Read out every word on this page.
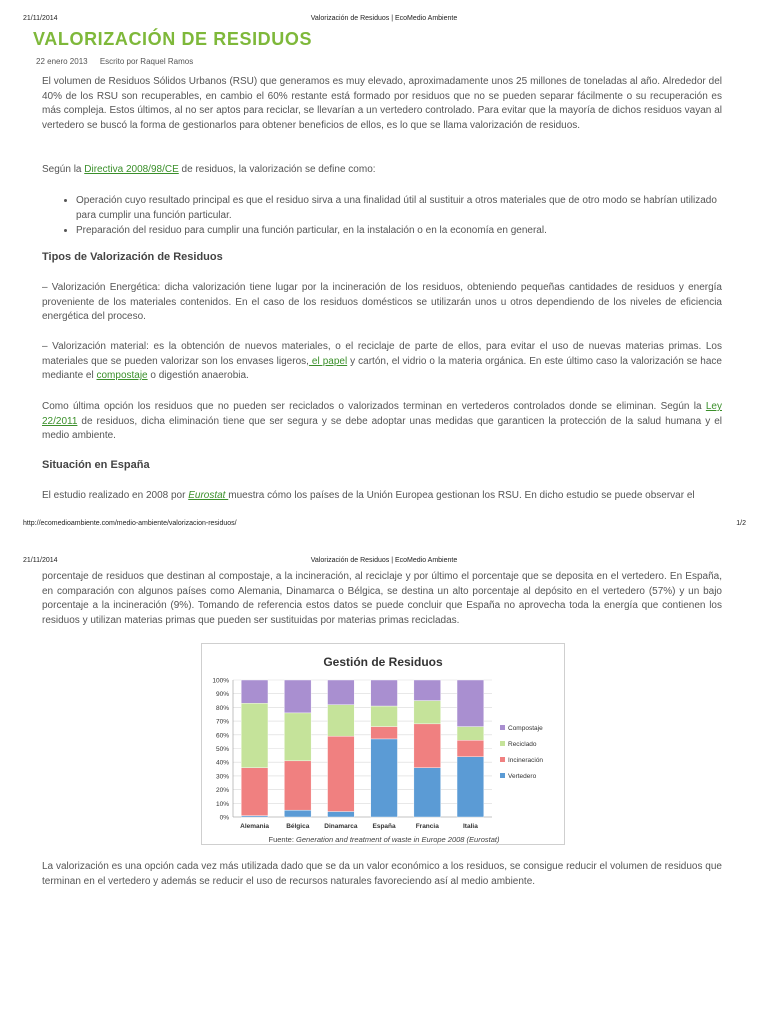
21/11/2014	Valorización de Residuos | EcoMedio Ambiente
VALORIZACIÓN DE RESIDUOS
22 enero 2013 Escrito por Raquel Ramos

El volumen de Residuos Sólidos Urbanos (RSU) que generamos es muy elevado, aproximadamente unos 25 millones de toneladas al año. Alrededor del 40% de los RSU son recuperables, en cambio el 60% restante está formado por residuos que no se pueden separar fácilmente o su recuperación es más compleja. Estos últimos, al no ser aptos para reciclar, se llevarían a un vertedero controlado. Para evitar que la mayoría de dichos residuos vayan al vertedero se buscó la forma de gestionarlos para obtener beneficios de ellos, es lo que se llama valorización de residuos.

Según la Directiva 2008/98/CE de residuos, la valorización se define como:

• Operación cuyo resultado principal es que el residuo sirva a una finalidad útil al sustituir a otros materiales que de otro modo se habrían utilizado para cumplir una función particular.
• Preparación del residuo para cumplir una función particular, en la instalación o en la economía en general.
Tipos de Valorización de Residuos

– Valorización Energética: dicha valorización tiene lugar por la incineración de los residuos, obteniendo pequeñas cantidades de residuos y energía proveniente de los materiales contenidos. En el caso de los residuos domésticos se utilizarán unos u otros dependiendo de los niveles de eficiencia energética del proceso.

– Valorización material: es la obtención de nuevos materiales, o el reciclaje de parte de ellos, para evitar el uso de nuevas materias primas. Los materiales que se pueden valorizar son los envases ligeros, el papel y cartón, el vidrio o la materia orgánica. En este último caso la valorización se hace mediante el compostaje o digestión anaerobia.

Como última opción los residuos que no pueden ser reciclados o valorizados terminan en vertederos controlados donde se eliminan. Según la Ley 22/2011 de residuos, dicha eliminación tiene que ser segura y se debe adoptar unas medidas que garanticen la protección de la salud humana y el medio ambiente.

Situación en España

El estudio realizado en 2008 por Eurostat muestra cómo los países de la Unión Europea gestionan los RSU. En dicho estudio se puede observar el

http://ecomedioambiente.com/medio-ambiente/valorizacion-residuos/	1/2
21/11/2014	Valorización de Residuos | EcoMedio Ambiente

porcentaje de residuos que destinan al compostaje, a la incineración, al reciclaje y por último el porcentaje que se deposita en el vertedero. En España, en comparación con algunos países como Alemania, Dinamarca o Bélgica, se destina un alto porcentaje al depósito en el vertedero (57%) y un bajo porcentaje a la incineración (9%). Tomando de referencia estos datos se puede concluir que España no aprovecha toda la energía que contienen los residuos y utilizan materias primas que pueden ser sustituidas por materias primas recicladas.

Gestión de Residuos
0%
10%
20%
30%
40%
50%
60%
70%
80%
90%
100%
Alemania	Bélgica Dinamarca España	Francia	Italia
Compostaje
Reciclado
Incineración
Vertedero
Fuente: Generation and treatment of waste in Europe 2008 (Eurostat)

La valorización es una opción cada vez más utilizada dado que se da un valor económico a los residuos, se consigue reducir el volumen de residuos que terminan en el vertedero y además se reducir el uso de recursos naturales favoreciendo así al medio ambiente.
